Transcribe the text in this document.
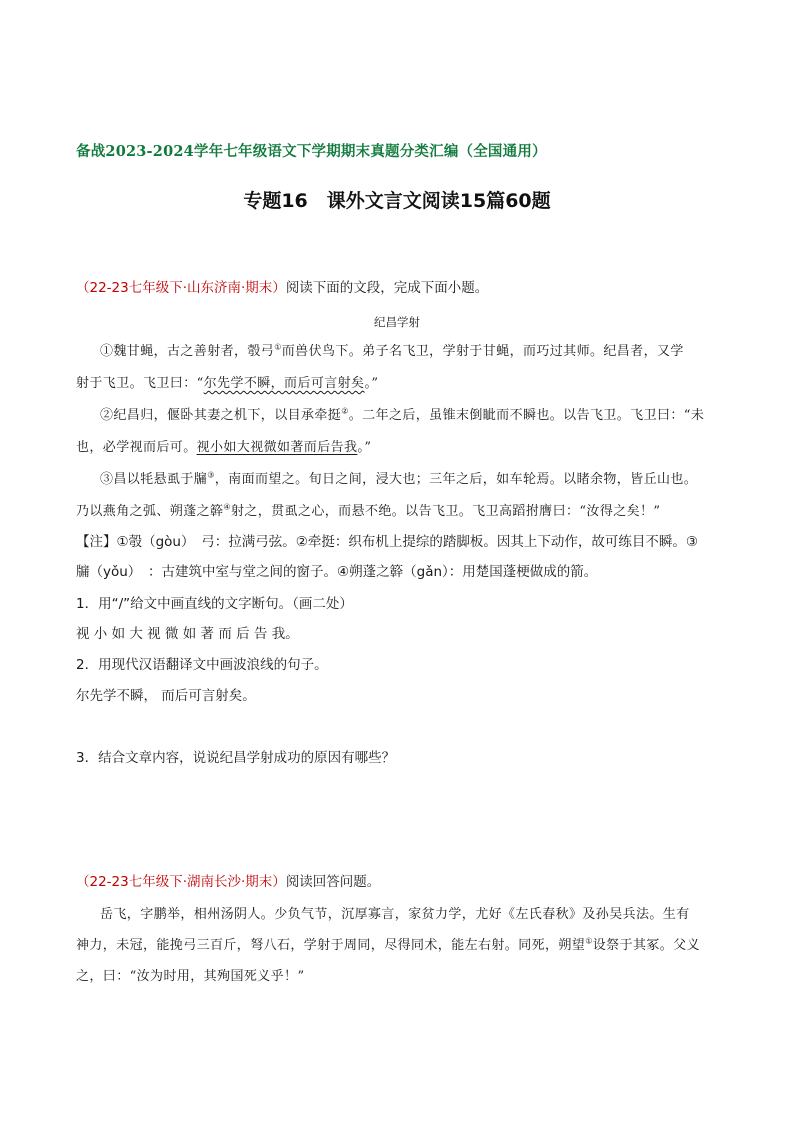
备战2023-2024学年七年级语文下学期期末真题分类汇编（全国通用）
专题16　课外文言文阅读15篇60题
（22-23七年级下·山东济南·期末）阅读下面的文段，完成下面小题。
纪昌学射
①魏甘蝇，古之善射者，彀弓①而兽伏鸟下。弟子名飞卫，学射于甘蝇，而巧过其师。纪昌者，又学
射于飞卫。飞卫曰：“尔先学不瞬，而后可言射矣。”
②纪昌归，偃卧其妻之机下，以目承牵挺②。二年之后，虽锥末倒眦而不瞬也。以告飞卫。飞卫曰：“未
也，必学视而后可。视小如大视微如著而后告我。”
③昌以牦悬虱于牖③，南面而望之。旬日之间，浸大也；三年之后，如车轮焉。以睹余物，皆丘山也。
乃以燕角之弧、朔蓬之簳④射之，贯虱之心，而悬不绝。以告飞卫。飞卫高蹈拊膺曰：“汝得之矣！”
【注】①彀（gòu）　弓：拉满弓弦。②牵挺：织布机上提综的踏脚板。因其上下动作，故可练目不瞬。③
牖（yǒu）　：古建筑中室与堂之间的窗子。④朔蓬之簳（gǎn）：用楚国蓬梗做成的箭。
1．用“/”给文中画直线的文字断句。（画二处）
视 小 如 大 视 微 如 著 而 后 告 我。
2．用现代汉语翻译文中画波浪线的句子。
尔先学不瞬， 而后可言射矣。
3．结合文章内容，说说纪昌学射成功的原因有哪些？
（22-23七年级下·湖南长沙·期末）阅读回答问题。
岳飞，字鹏举，相州汤阴人。少负气节，沉厚寡言，家贫力学，尤好《左氏春秋》及孙吴兵法。生有
神力，未冠，能挽弓三百斤，弩八石，学射于周同，尽得同术，能左右射。同死，朔望①设祭于其冢。父义
之，曰：“汝为时用，其殉国死义乎！”
